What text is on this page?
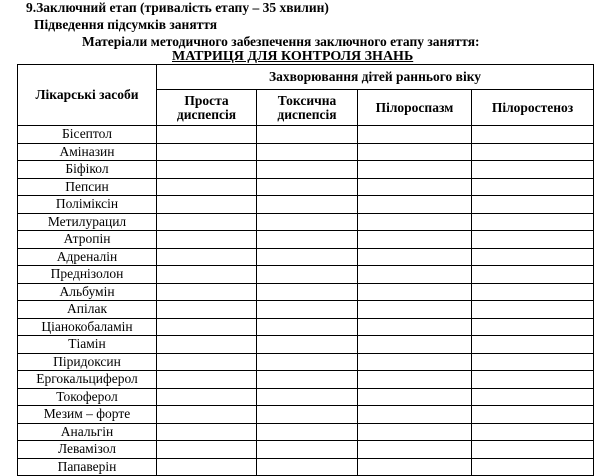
9.Заключний етап (тривалість етапу – 35 хвилин)
Підведення підсумків заняття
Матеріали методичного забезпечення заключного етапу заняття:
МАТРИЦЯ ДЛЯ КОНТРОЛЯ ЗНАНЬ
Лікарські засоби	Захворювання дітей раннього віку			
	Проста диспепсія	Токсична диспепсія	Пілороспазм	Пілоростеноз
Бісептол				
Аміназин				
Біфікол				
Пепсин				
Поліміксін				
Метилурацил				
Атропін				
Адреналін				
Преднізолон				
Альбумін				
Апілак				
Ціанокобаламін				
Тіамін				
Піридоксин				
Ергокальциферол				
Токоферол				
Мезим – форте				
Анальгін				
Левамізол				
Папаверін				
